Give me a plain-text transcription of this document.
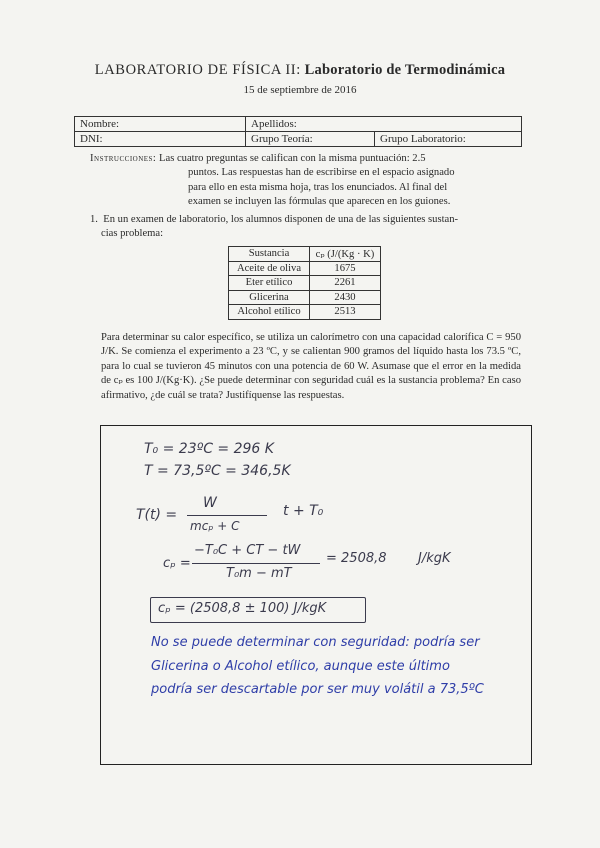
LABORATORIO DE FÍSICA II: Laboratorio de Termodinámica
15 de septiembre de 2016
Nombre:	Apellidos:	
DNI:	Grupo Teoría:	Grupo Laboratorio:
Instrucciones: Las cuatro preguntas se califican con la misma puntuación: 2.5
puntos. Las respuestas han de escribirse en el espacio asignado
para ello en esta misma hoja, tras los enunciados. Al final del
examen se incluyen las fórmulas que aparecen en los guiones.
1. En un examen de laboratorio, los alumnos disponen de una de las siguientes sustan-
cias problema:
Sustancia	cₚ (J/(Kg · K)
Aceite de oliva	1675
Eter etílico	2261
Glicerina	2430
Alcohol etílico	2513
Para determinar su calor específico, se utiliza un calorímetro con una capacidad calorífica C = 950 J/K. Se comienza el experimento a 23 ºC, y se calientan 900 gramos del líquido hasta los 73.5 ºC, para lo cual se tuvieron 45 minutos con una potencia de 60 W. Asumase que el error en la medida de cₚ es 100 J/(Kg·K). ¿Se puede determinar con seguridad cuál es la sustancia problema? En caso afirmativo, ¿de cuál se trata? Justifíquense las respuestas.
T₀ = 23ºC = 296 K
T = 73,5ºC = 346,5K
T(t) =
W
mcₚ + C
t + T₀
cₚ =
−T₀C + CT − tW
T₀m − mT
= 2508,8 J/kgK
cₚ = (2508,8 ± 100) J/kgK
No se puede determinar con seguridad: podría ser
Glicerina o Alcohol etílico, aunque este último
podría ser descartable por ser muy volátil a 73,5ºC
